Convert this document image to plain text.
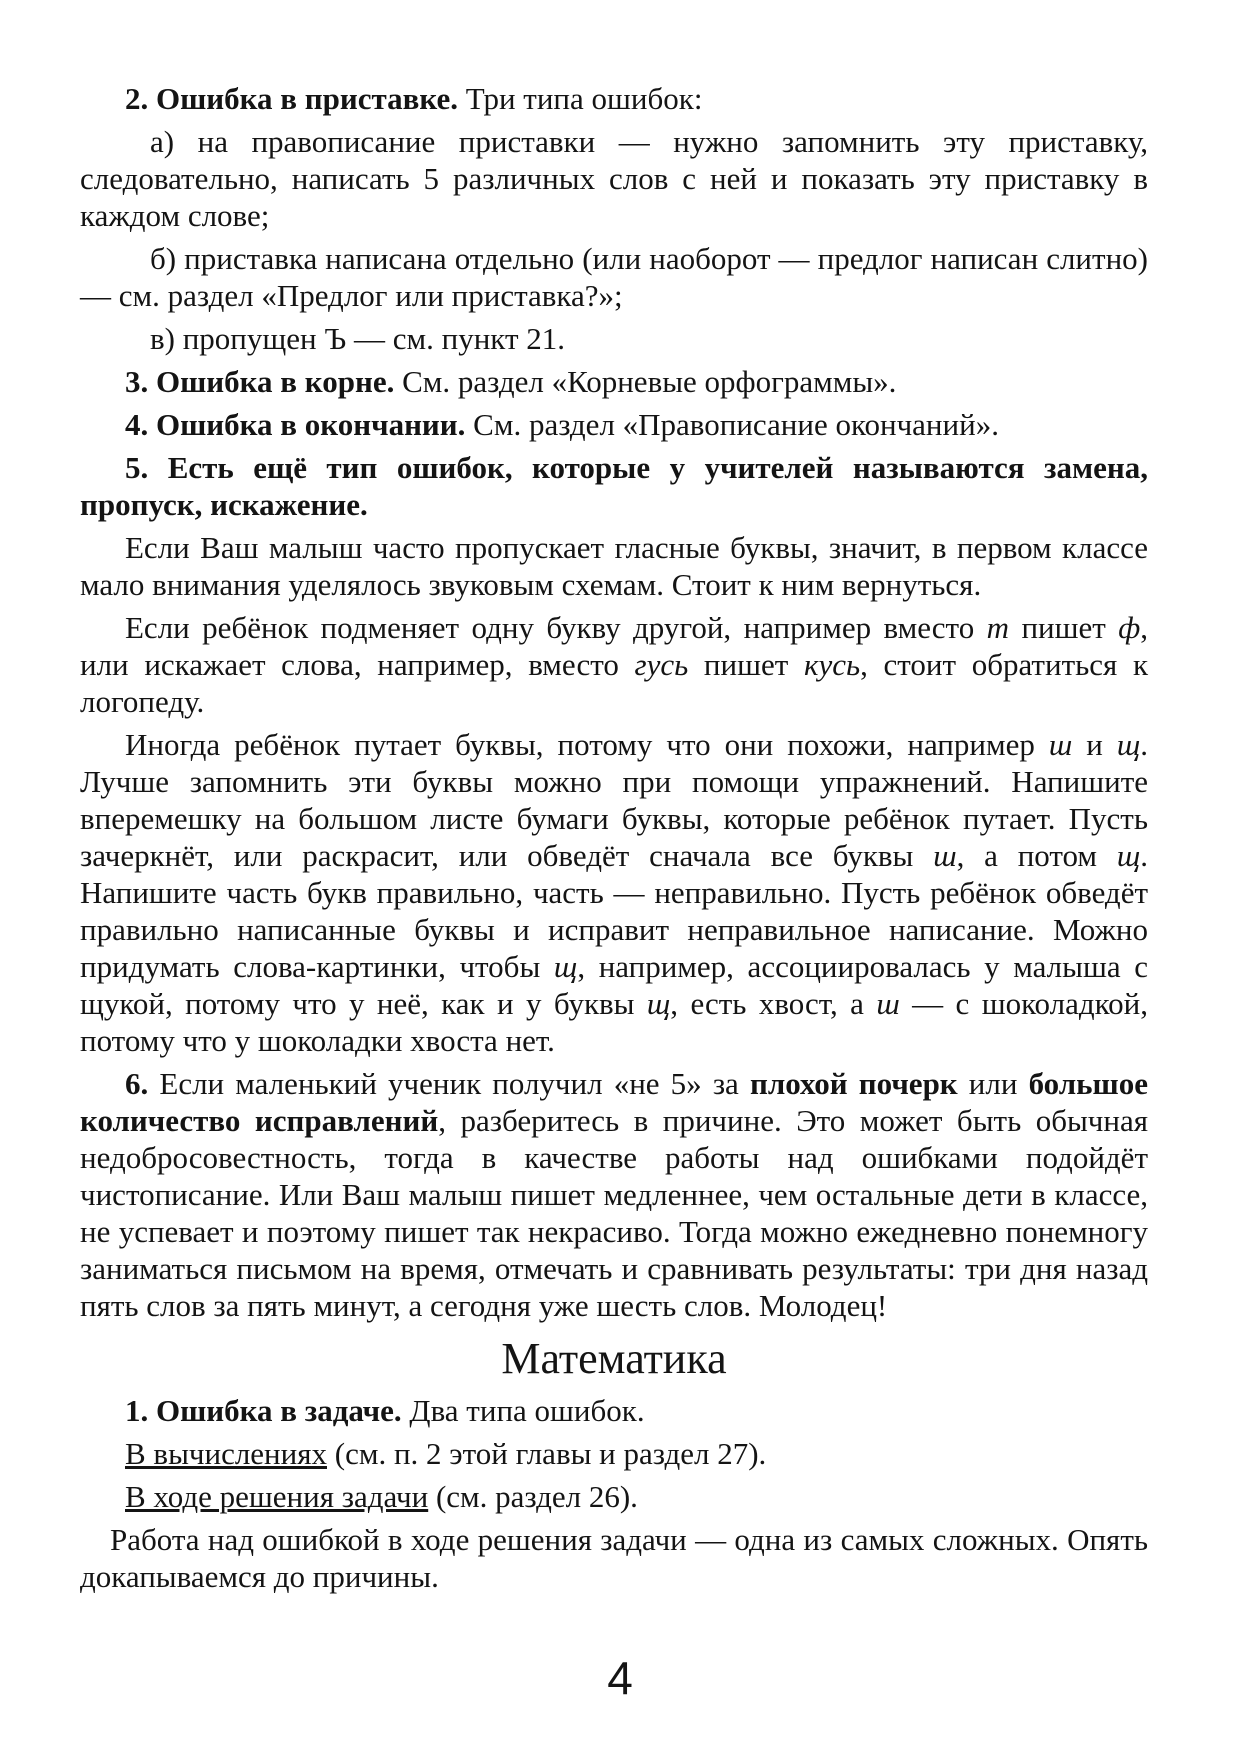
2. Ошибка в приставке. Три типа ошибок:

а) на правописание приставки — нужно запомнить эту приставку, следовательно, написать 5 различных слов с ней и показать эту приставку в каждом слове;

б) приставка написана отдельно (или наоборот — предлог написан слитно) — см. раздел «Предлог или приставка?»;

в) пропущен Ъ — см. пункт 21.

3. Ошибка в корне. См. раздел «Корневые орфограммы».

4. Ошибка в окончании. См. раздел «Правописание окончаний».

5. Есть ещё тип ошибок, которые у учителей называются замена, пропуск, искажение.

Если Ваш малыш часто пропускает гласные буквы, значит, в первом классе мало внимания уделялось звуковым схемам. Стоит к ним вернуться.

Если ребёнок подменяет одну букву другой, например вместо т пишет ф, или искажает слова, например, вместо гусь пишет кусь, стоит обратиться к логопеду.

Иногда ребёнок путает буквы, потому что они похожи, например ш и щ. Лучше запомнить эти буквы можно при помощи упражнений. Напишите вперемешку на большом листе бумаги буквы, которые ребёнок путает. Пусть зачеркнёт, или раскрасит, или обведёт сначала все буквы ш, а потом щ. Напишите часть букв правильно, часть — неправильно. Пусть ребёнок обведёт правильно написанные буквы и исправит неправильное написание. Можно придумать слова-картинки, чтобы щ, например, ассоциировалась у малыша с щукой, потому что у неё, как и у буквы щ, есть хвост, а ш — с шоколадкой, потому что у шоколадки хвоста нет.

6. Если маленький ученик получил «не 5» за плохой почерк или большое количество исправлений, разберитесь в причине. Это может быть обычная недобросовестность, тогда в качестве работы над ошибками подойдёт чистописание. Или Ваш малыш пишет медленнее, чем остальные дети в классе, не успевает и поэтому пишет так некрасиво. Тогда можно ежедневно понемногу заниматься письмом на время, отмечать и сравнивать результаты: три дня назад пять слов за пять минут, а сегодня уже шесть слов. Молодец!

Математика

1. Ошибка в задаче. Два типа ошибок.

В вычислениях (см. п. 2 этой главы и раздел 27).

В ходе решения задачи (см. раздел 26).

Работа над ошибкой в ходе решения задачи — одна из самых сложных. Опять докапываемся до причины.

4
